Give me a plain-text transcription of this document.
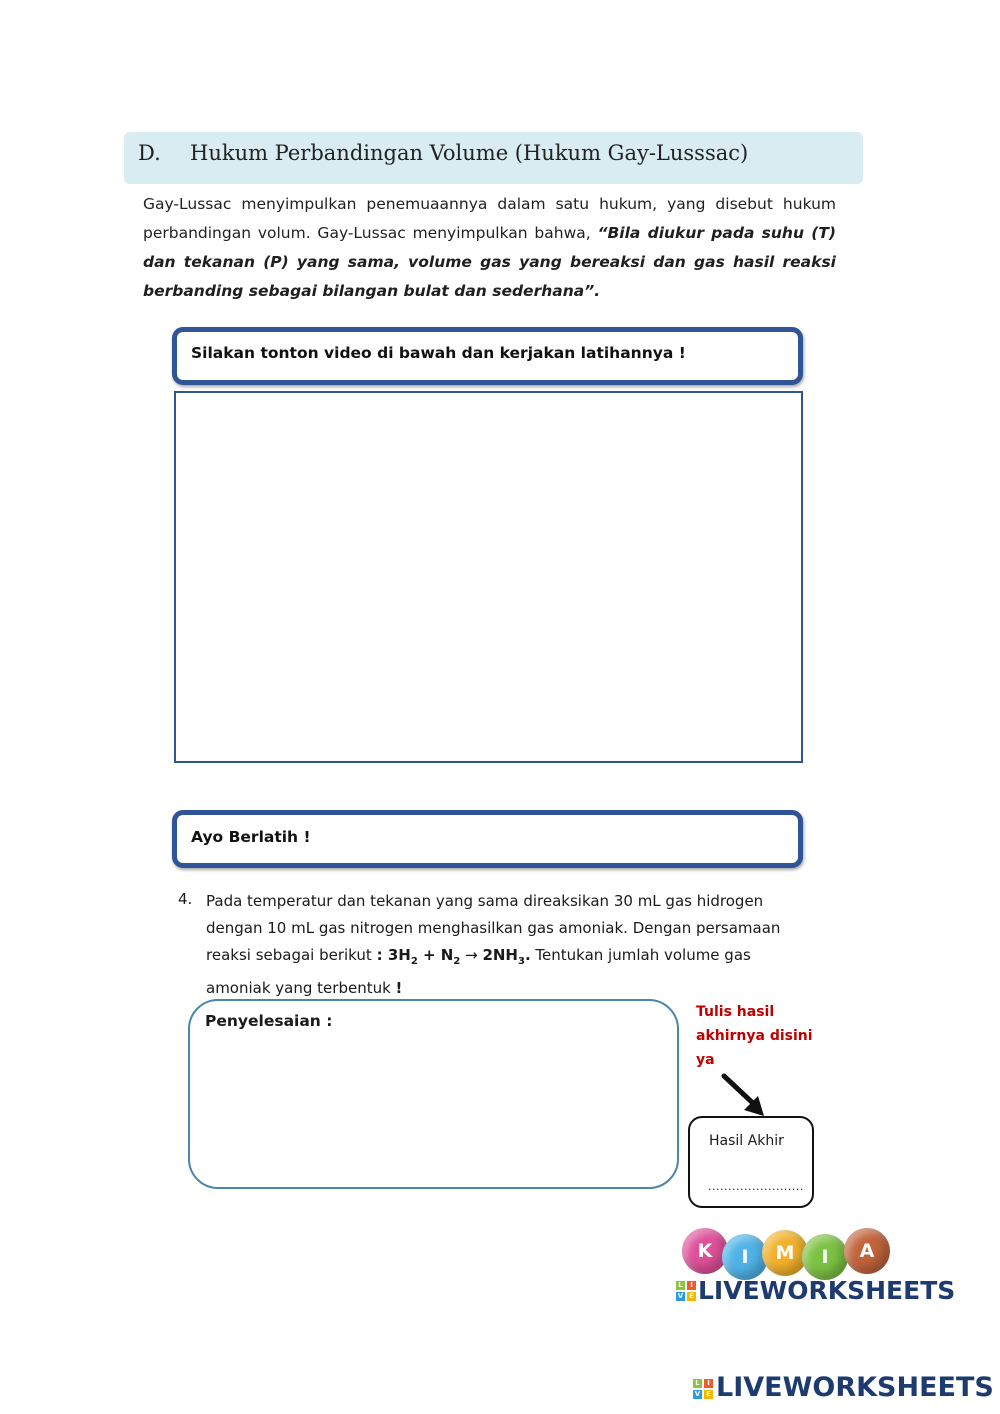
D. Hukum Perbandingan Volume (Hukum Gay-Lusssac)
Gay-Lussac menyimpulkan penemuaannya dalam satu hukum, yang disebut hukum perbandingan volum. Gay-Lussac menyimpulkan bahwa, “Bila diukur pada suhu (T) dan tekanan (P) yang sama, volume gas yang bereaksi dan gas hasil reaksi berbanding sebagai bilangan bulat dan sederhana”.
Silakan tonton video di bawah dan kerjakan latihannya !
Ayo Berlatih !
4. Pada temperatur dan tekanan yang sama direaksikan 30 mL gas hidrogen dengan 10 mL gas nitrogen menghasilkan gas amoniak. Dengan persamaan reaksi sebagai berikut : $3H_2 + N_2 \to 2NH_3$. Tentukan jumlah volume gas amoniak yang terbentuk !
Penyelesaian :	Tulis hasil akhirnya disini ya
Hasil Akhir
........................
K I M I A
L	I
V E LIVEWORKSHEETS
L	I
V E LIVEWORKSHEETS
